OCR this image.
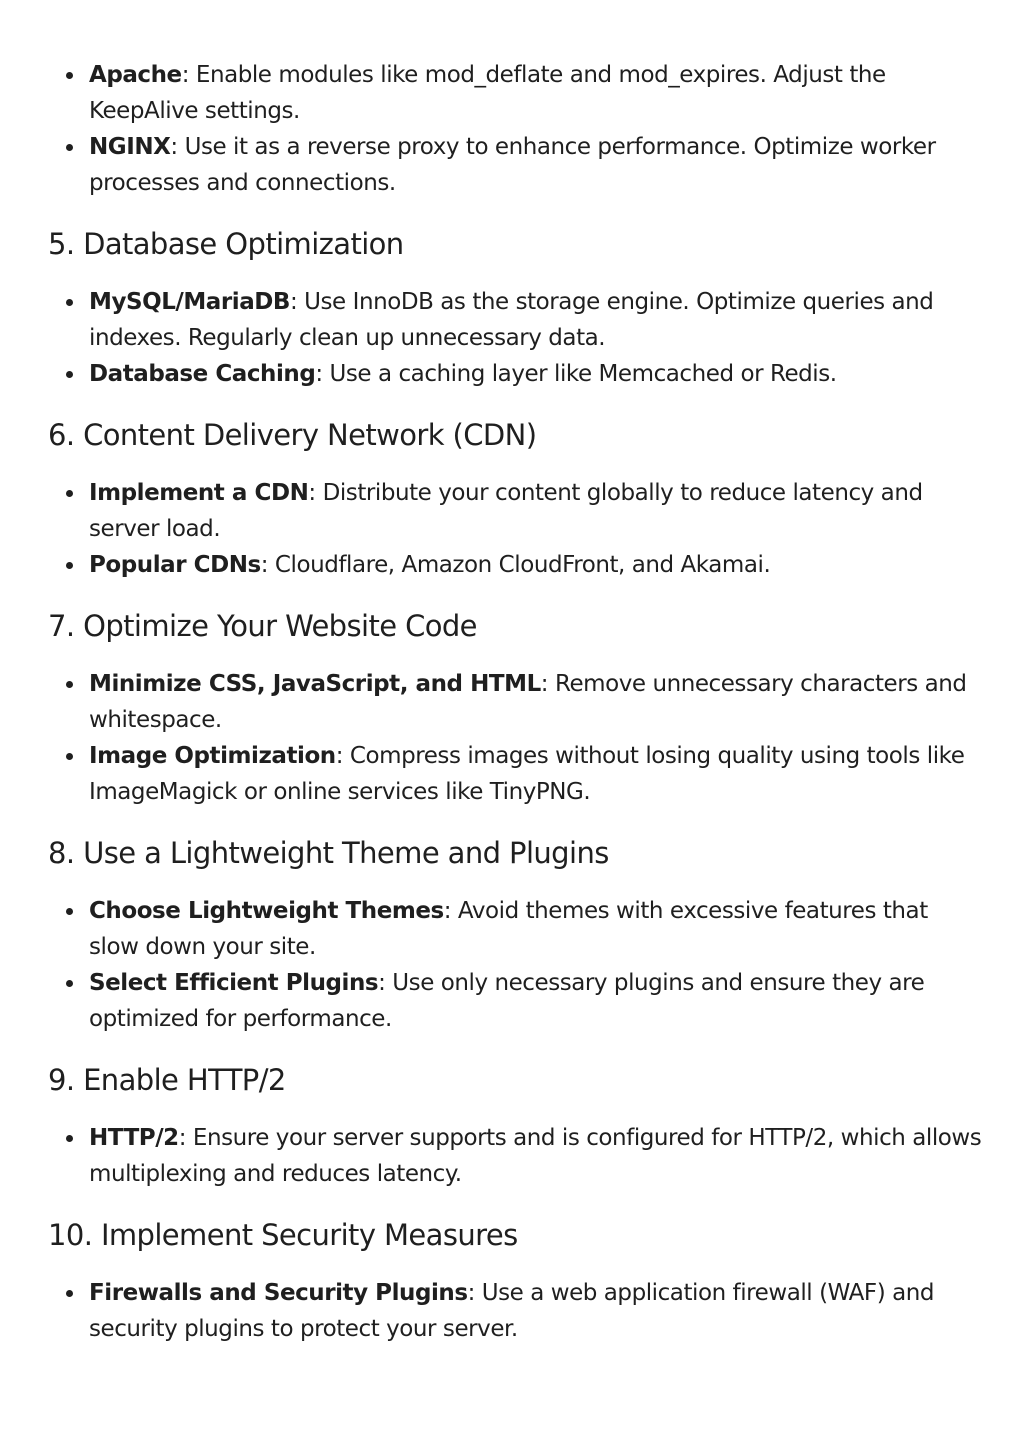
Apache: Enable modules like mod_deflate and mod_expires. Adjust the KeepAlive settings.
NGINX: Use it as a reverse proxy to enhance performance. Optimize worker processes and connections.
5. Database Optimization
MySQL/MariaDB: Use InnoDB as the storage engine. Optimize queries and indexes. Regularly clean up unnecessary data.
Database Caching: Use a caching layer like Memcached or Redis.
6. Content Delivery Network (CDN)
Implement a CDN: Distribute your content globally to reduce latency and server load.
Popular CDNs: Cloudflare, Amazon CloudFront, and Akamai.
7. Optimize Your Website Code
Minimize CSS, JavaScript, and HTML: Remove unnecessary characters and whitespace.
Image Optimization: Compress images without losing quality using tools like ImageMagick or online services like TinyPNG.
8. Use a Lightweight Theme and Plugins
Choose Lightweight Themes: Avoid themes with excessive features that slow down your site.
Select Efficient Plugins: Use only necessary plugins and ensure they are optimized for performance.
9. Enable HTTP/2
HTTP/2: Ensure your server supports and is configured for HTTP/2, which allows multiplexing and reduces latency.
10. Implement Security Measures
Firewalls and Security Plugins: Use a web application firewall (WAF) and security plugins to protect your server.
